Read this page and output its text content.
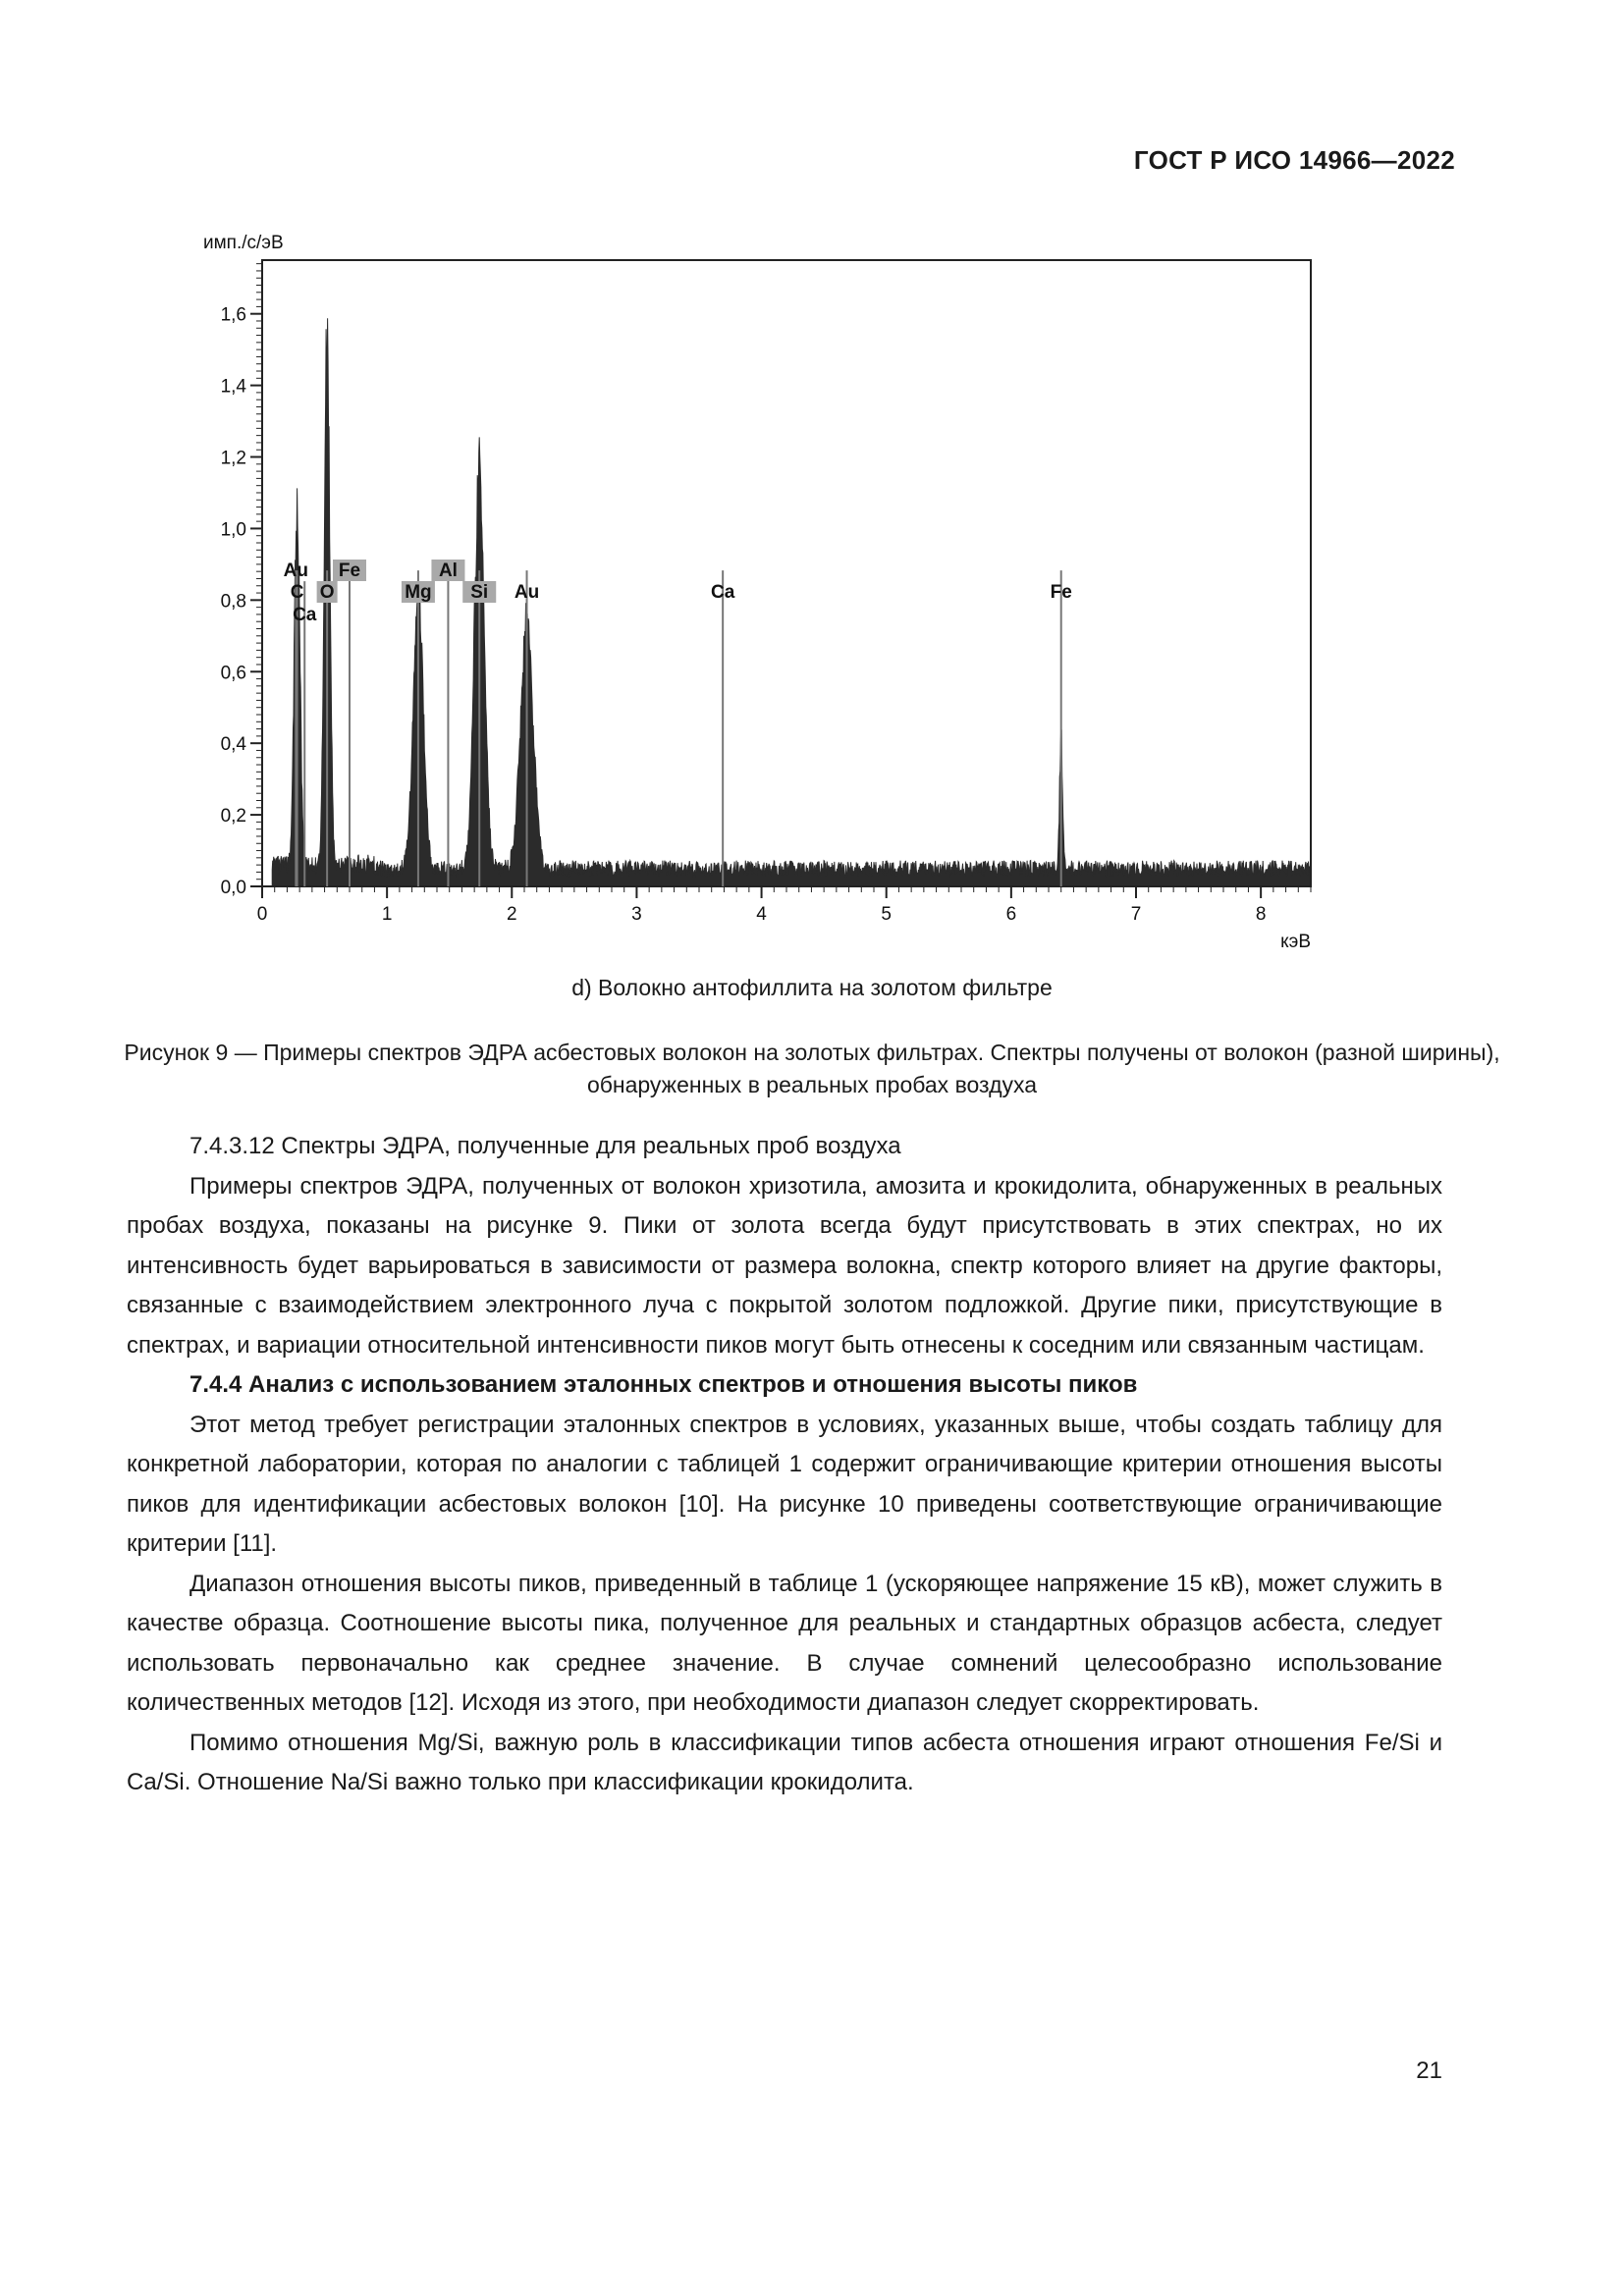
ГОСТ Р ИСО 14966—2022
Au
C
Ca
Fe
O	Mg
Al
Si Au	Ca	Fe
0,0
0,2
0,4
0,6
0,8
1,0
1,2
1,4
1,6
0	1	2	3	4	5	6	7	8
имп./с/эВ
кэВ
d) Волокно антофиллита на золотом фильтре
Рисунок 9 — Примеры спектров ЭДРА асбестовых волокон на золотых фильтрах. Спектры получены от волокон (разной ширины), обнаруженных в реальных пробах воздуха

7.4.3.12 Спектры ЭДРА, полученные для реальных проб воздуха

Примеры спектров ЭДРА, полученных от волокон хризотила, амозита и крокидолита, обнаруженных в реальных пробах воздуха, показаны на рисунке 9. Пики от золота всегда будут присутствовать в этих спектрах, но их интенсивность будет варьироваться в зависимости от размера волокна, спектр которого влияет на другие факторы, связанные с взаимодействием электронного луча с покрытой золотом подложкой. Другие пики, присутствующие в спектрах, и вариации относительной интенсивности пиков могут быть отнесены к соседним или связанным частицам.

7.4.4 Анализ с использованием эталонных спектров и отношения высоты пиков

Этот метод требует регистрации эталонных спектров в условиях, указанных выше, чтобы создать таблицу для конкретной лаборатории, которая по аналогии с таблицей 1 содержит ограничивающие критерии отношения высоты пиков для идентификации асбестовых волокон [10]. На рисунке 10 приведены соответствующие ограничивающие критерии [11].

Диапазон отношения высоты пиков, приведенный в таблице 1 (ускоряющее напряжение 15 кВ), может служить в качестве образца. Соотношение высоты пика, полученное для реальных и стандартных образцов асбеста, следует использовать первоначально как среднее значение. В случае сомнений целесообразно использование количественных методов [12]. Исходя из этого, при необходимости диапазон следует скорректировать.

Помимо отношения Mg/Si, важную роль в классификации типов асбеста отношения играют отношения Fe/Si и Ca/Si. Отношение Na/Si важно только при классификации крокидолита.

21
